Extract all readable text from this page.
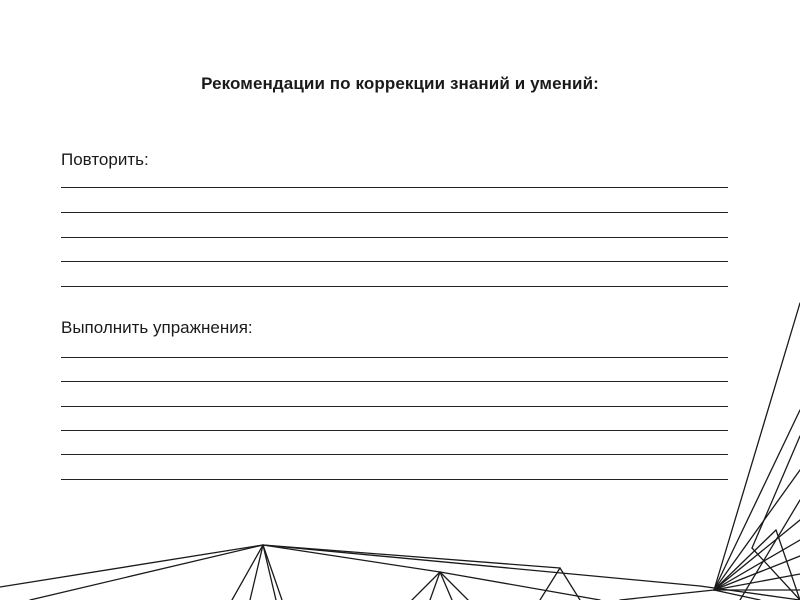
Рекомендации по коррекции знаний и умений:
Повторить:
Выполнить упражнения:
